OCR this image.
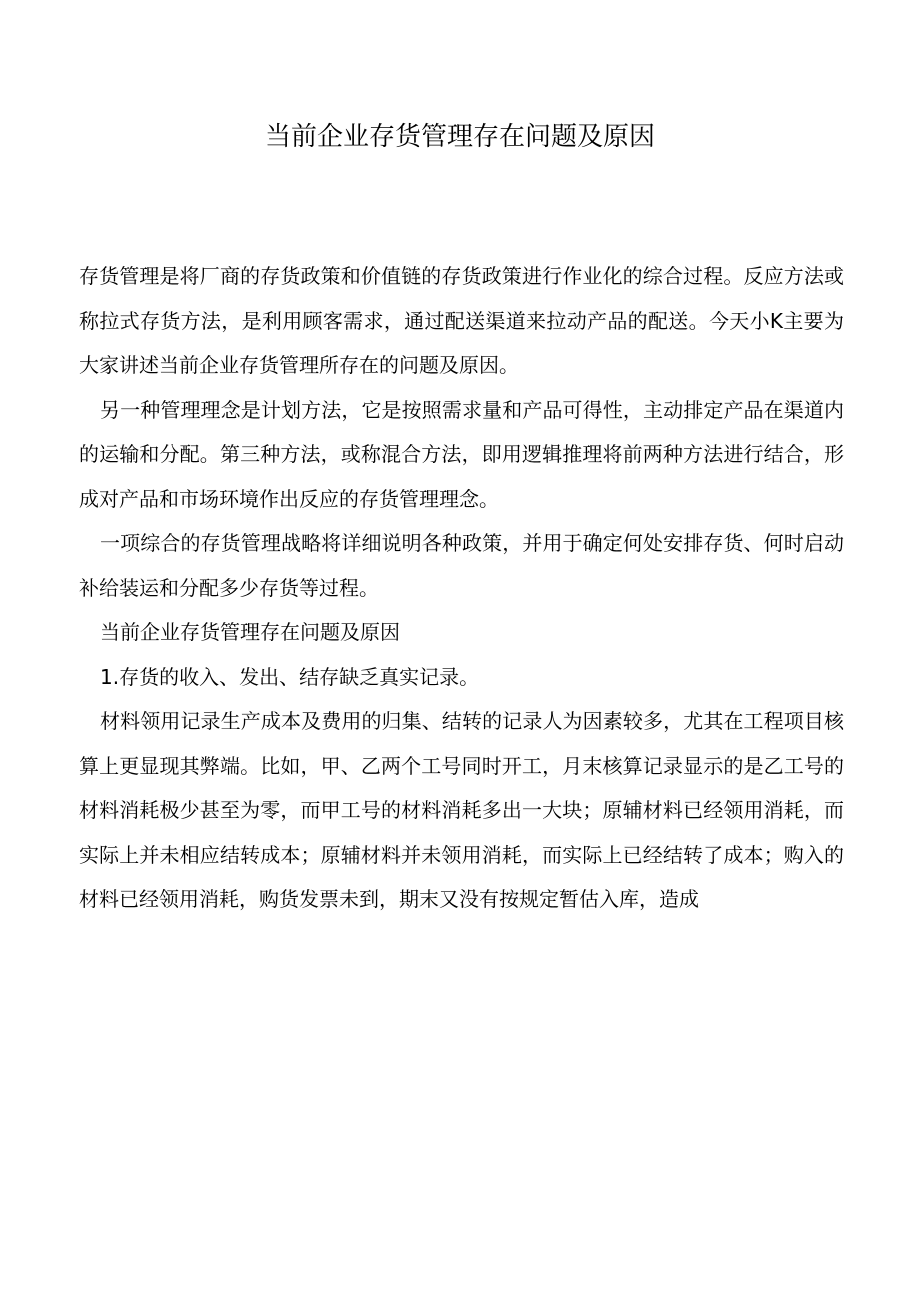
当前企业存货管理存在问题及原因

存货管理是将厂商的存货政策和价值链的存货政策进行作业化的综合过程。反应方法或称拉式存货方法，是利用顾客需求，通过配送渠道来拉动产品的配送。今天小K主要为大家讲述当前企业存货管理所存在的问题及原因。

另一种管理理念是计划方法，它是按照需求量和产品可得性，主动排定产品在渠道内的运输和分配。第三种方法，或称混合方法，即用逻辑推理将前两种方法进行结合，形成对产品和市场环境作出反应的存货管理理念。

一项综合的存货管理战略将详细说明各种政策，并用于确定何处安排存货、何时启动补给装运和分配多少存货等过程。

当前企业存货管理存在问题及原因

1.存货的收入、发出、结存缺乏真实记录。

材料领用记录生产成本及费用的归集、结转的记录人为因素较多，尤其在工程项目核算上更显现其弊端。比如，甲、乙两个工号同时开工，月末核算记录显示的是乙工号的材料消耗极少甚至为零，而甲工号的材料消耗多出一大块；原辅材料已经领用消耗，而实际上并未相应结转成本；原辅材料并未领用消耗，而实际上已经结转了成本；购入的材料已经领用消耗，购货发票未到，期末又没有按规定暂估入库，造成
